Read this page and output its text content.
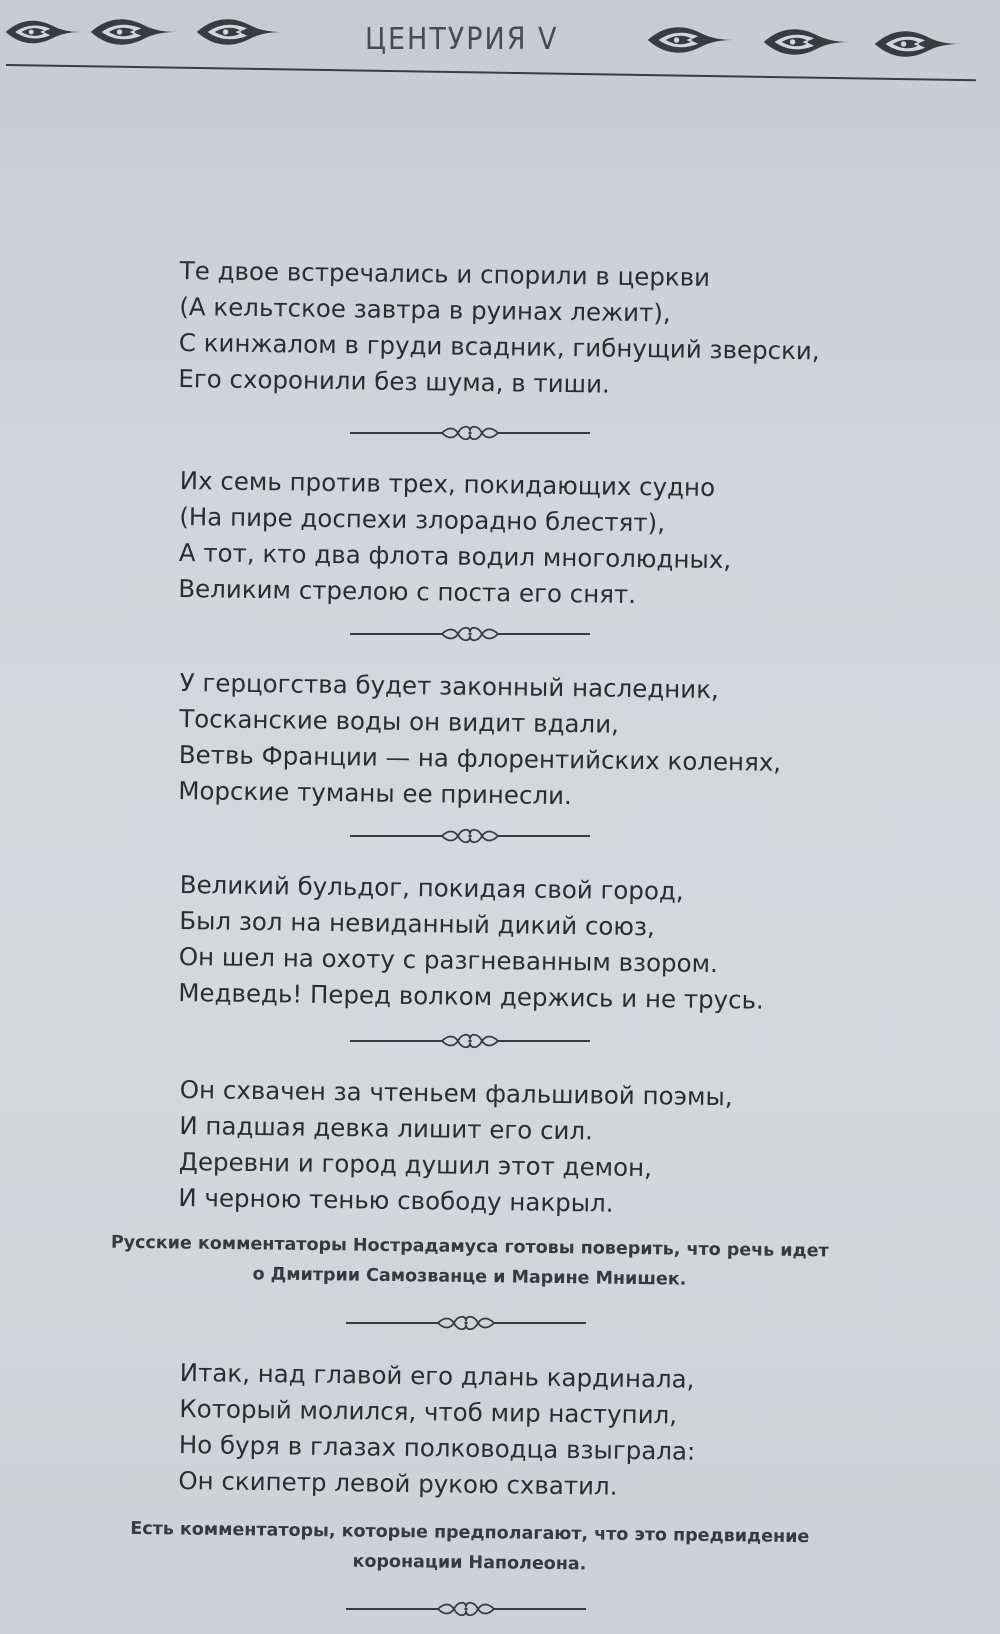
ЦЕНТУРИЯ V
Те двое встречались и спорили в церкви
(А кельтское завтра в руинах лежит),
С кинжалом в груди всадник, гибнущий зверски,
Его схоронили без шума, в тиши.
Их семь против трех, покидающих судно
(На пире доспехи злорадно блестят),
А тот, кто два флота водил многолюдных,
Великим стрелою с поста его снят.
У герцогства будет законный наследник,
Тосканские воды он видит вдали,
Ветвь Франции — на флорентийских коленях,
Морские туманы ее принесли.
Великий бульдог, покидая свой город,
Был зол на невиданный дикий союз,
Он шел на охоту с разгневанным взором.
Медведь! Перед волком держись и не трусь.
Он схвачен за чтеньем фальшивой поэмы,
И падшая девка лишит его сил.
Деревни и город душил этот демон,
И черною тенью свободу накрыл.
Русские комментаторы Нострадамуса готовы поверить, что речь идет
о Дмитрии Самозванце и Марине Мнишек.
Итак, над главой его длань кардинала,
Который молился, чтоб мир наступил,
Но буря в глазах полководца взыграла:
Он скипетр левой рукою схватил.
Есть комментаторы, которые предполагают, что это предвидение
коронации Наполеона.
